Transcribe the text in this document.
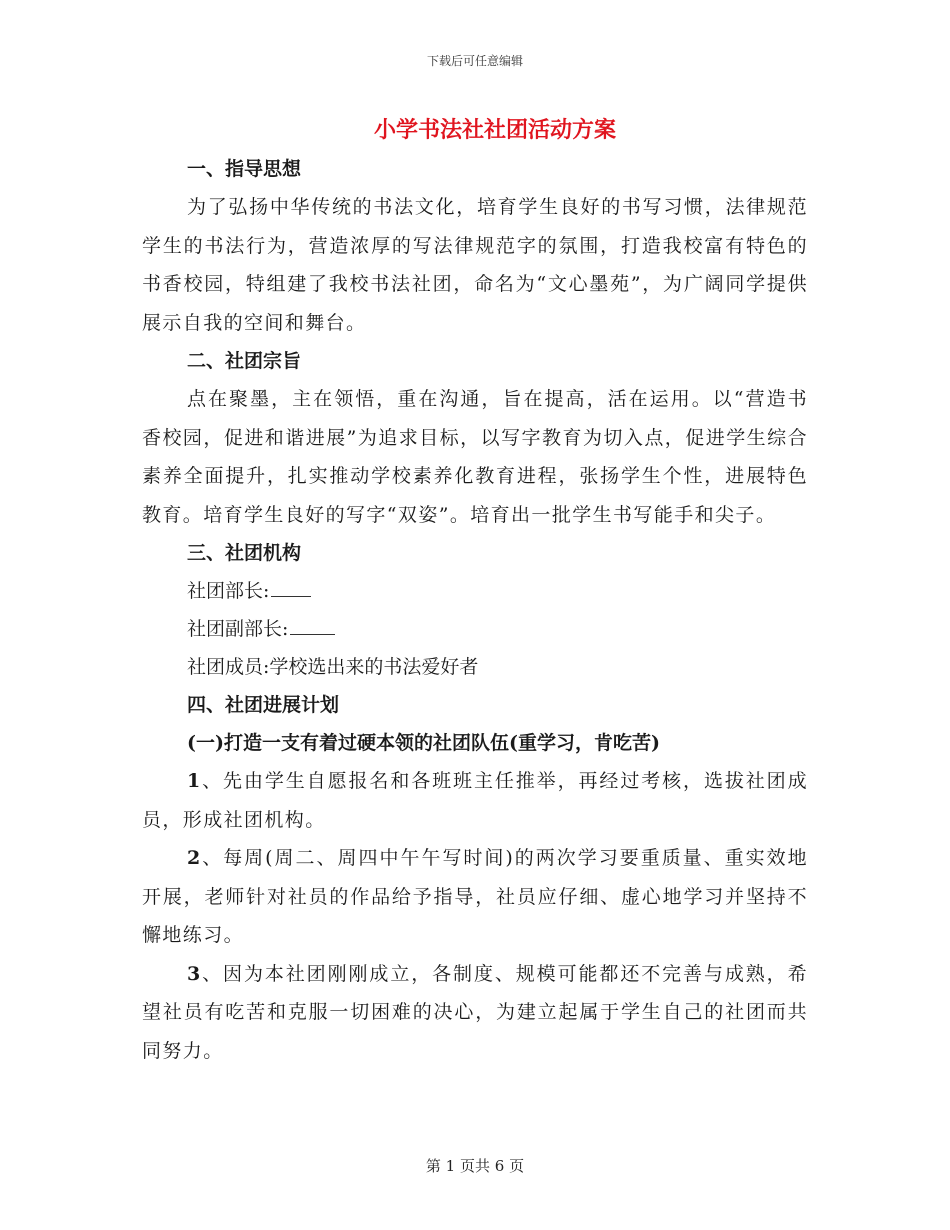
下载后可任意编辑
小学书法社社团活动方案
一、指导思想

为了弘扬中华传统的书法文化，培育学生良好的书写习惯，法律规范学生的书法行为，营造浓厚的写法律规范字的氛围，打造我校富有特色的书香校园，特组建了我校书法社团，命名为“文心墨苑”，为广阔同学提供展示自我的空间和舞台。

二、社团宗旨

点在聚墨，主在领悟，重在沟通，旨在提高，活在运用。以“营造书香校园，促进和谐进展”为追求目标，以写字教育为切入点，促进学生综合素养全面提升，扎实推动学校素养化教育进程，张扬学生个性，进展特色教育。培育学生良好的写字“双姿”。培育出一批学生书写能手和尖子。

三、社团机构
社团部长:
社团副部长:
社团成员:学校选出来的书法爱好者
四、社团进展计划
(一)打造一支有着过硬本领的社团队伍(重学习，肯吃苦)

1、先由学生自愿报名和各班班主任推举，再经过考核，选拔社团成员，形成社团机构。

2、每周(周二、周四中午午写时间)的两次学习要重质量、重实效地开展，老师针对社员的作品给予指导，社员应仔细、虚心地学习并坚持不懈地练习。

3、因为本社团刚刚成立，各制度、规模可能都还不完善与成熟，希望社员有吃苦和克服一切困难的决心，为建立起属于学生自己的社团而共同努力。

第 1 页共 6 页
